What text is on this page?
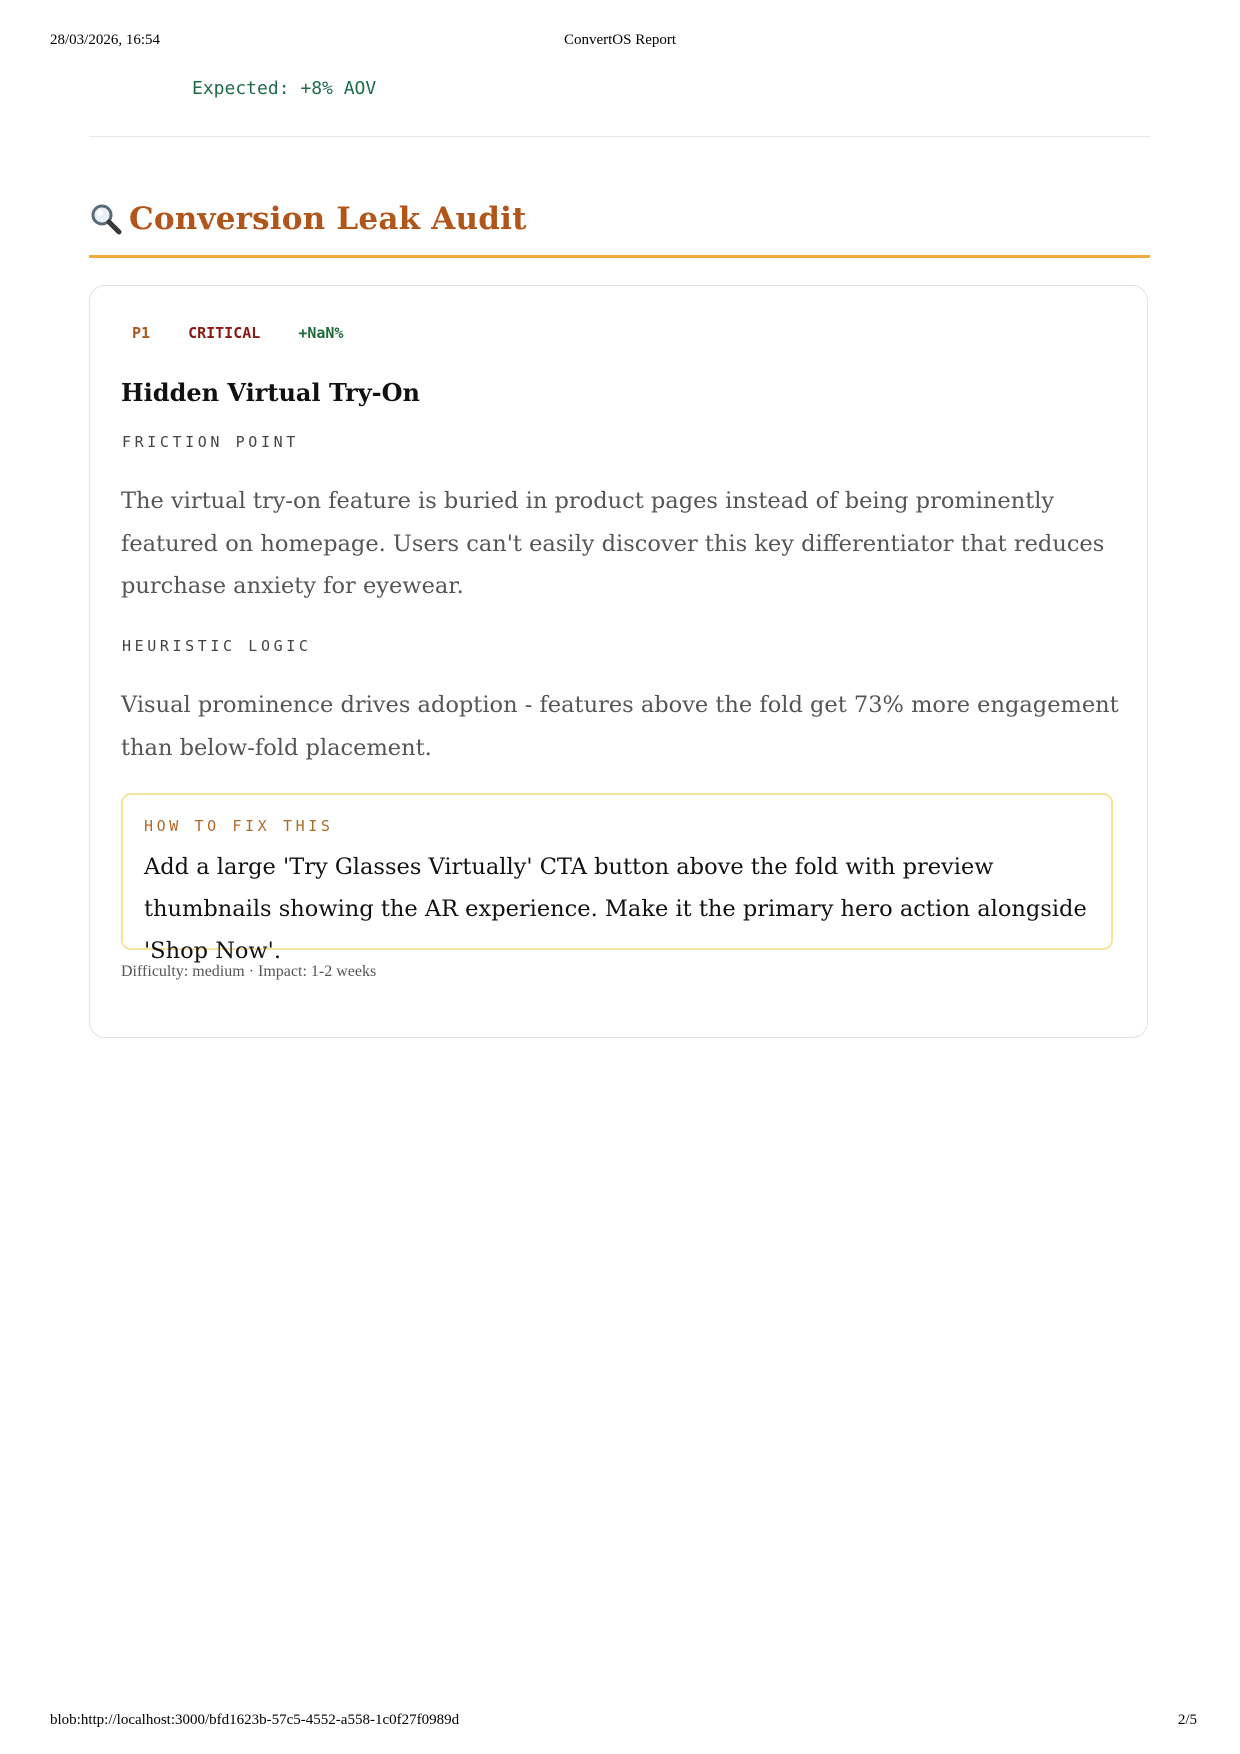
28/03/2026, 16:54	ConvertOS Report
Expected: +8% AOV
Conversion Leak Audit
P1	CRITICAL	+NaN%
Hidden Virtual Try-On
FRICTION POINT

The virtual try-on feature is buried in product pages instead of being prominently featured on homepage. Users can't easily discover this key differentiator that reduces purchase anxiety for eyewear.

HEURISTIC LOGIC

Visual prominence drives adoption - features above the fold get 73% more engagement than below-fold placement.

HOW TO FIX THIS

Add a large 'Try Glasses Virtually' CTA button above the fold with preview thumbnails showing the AR experience. Make it the primary hero action alongside 'Shop Now'.

Difficulty: medium · Impact: 1-2 weeks
blob:http://localhost:3000/bfd1623b-57c5-4552-a558-1c0f27f0989d	2/5
